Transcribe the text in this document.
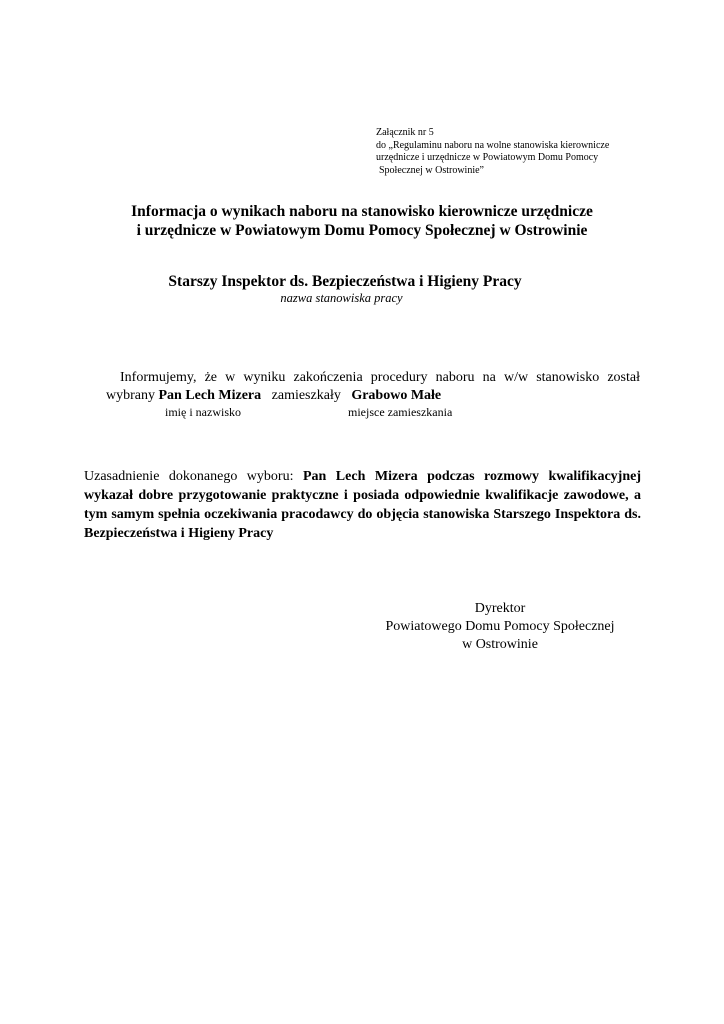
Załącznik nr 5
do „Regulaminu naboru na wolne stanowiska kierownicze
urzędnicze i urzędnicze w Powiatowym Domu Pomocy
Społecznej w Ostrowinie”
Informacja o wynikach naboru na stanowisko kierownicze urzędnicze
i urzędnicze w Powiatowym Domu Pomocy Społecznej w Ostrowinie
Starszy Inspektor ds. Bezpieczeństwa i Higieny Pracy
nazwa stanowiska pracy
Informujemy, że w wyniku zakończenia procedury naboru na w/w stanowisko został
wybrany Pan Lech Mizera zamieszkały Grabowo Małe
imię i nazwisko	miejsce zamieszkania
Uzasadnienie dokonanego wyboru: Pan Lech Mizera podczas rozmowy kwalifikacyjnej wykazał dobre przygotowanie praktyczne i posiada odpowiednie kwalifikacje zawodowe, a tym samym spełnia oczekiwania pracodawcy do objęcia stanowiska Starszego Inspektora ds. Bezpieczeństwa i Higieny Pracy
Dyrektor
Powiatowego Domu Pomocy Społecznej
w Ostrowinie
